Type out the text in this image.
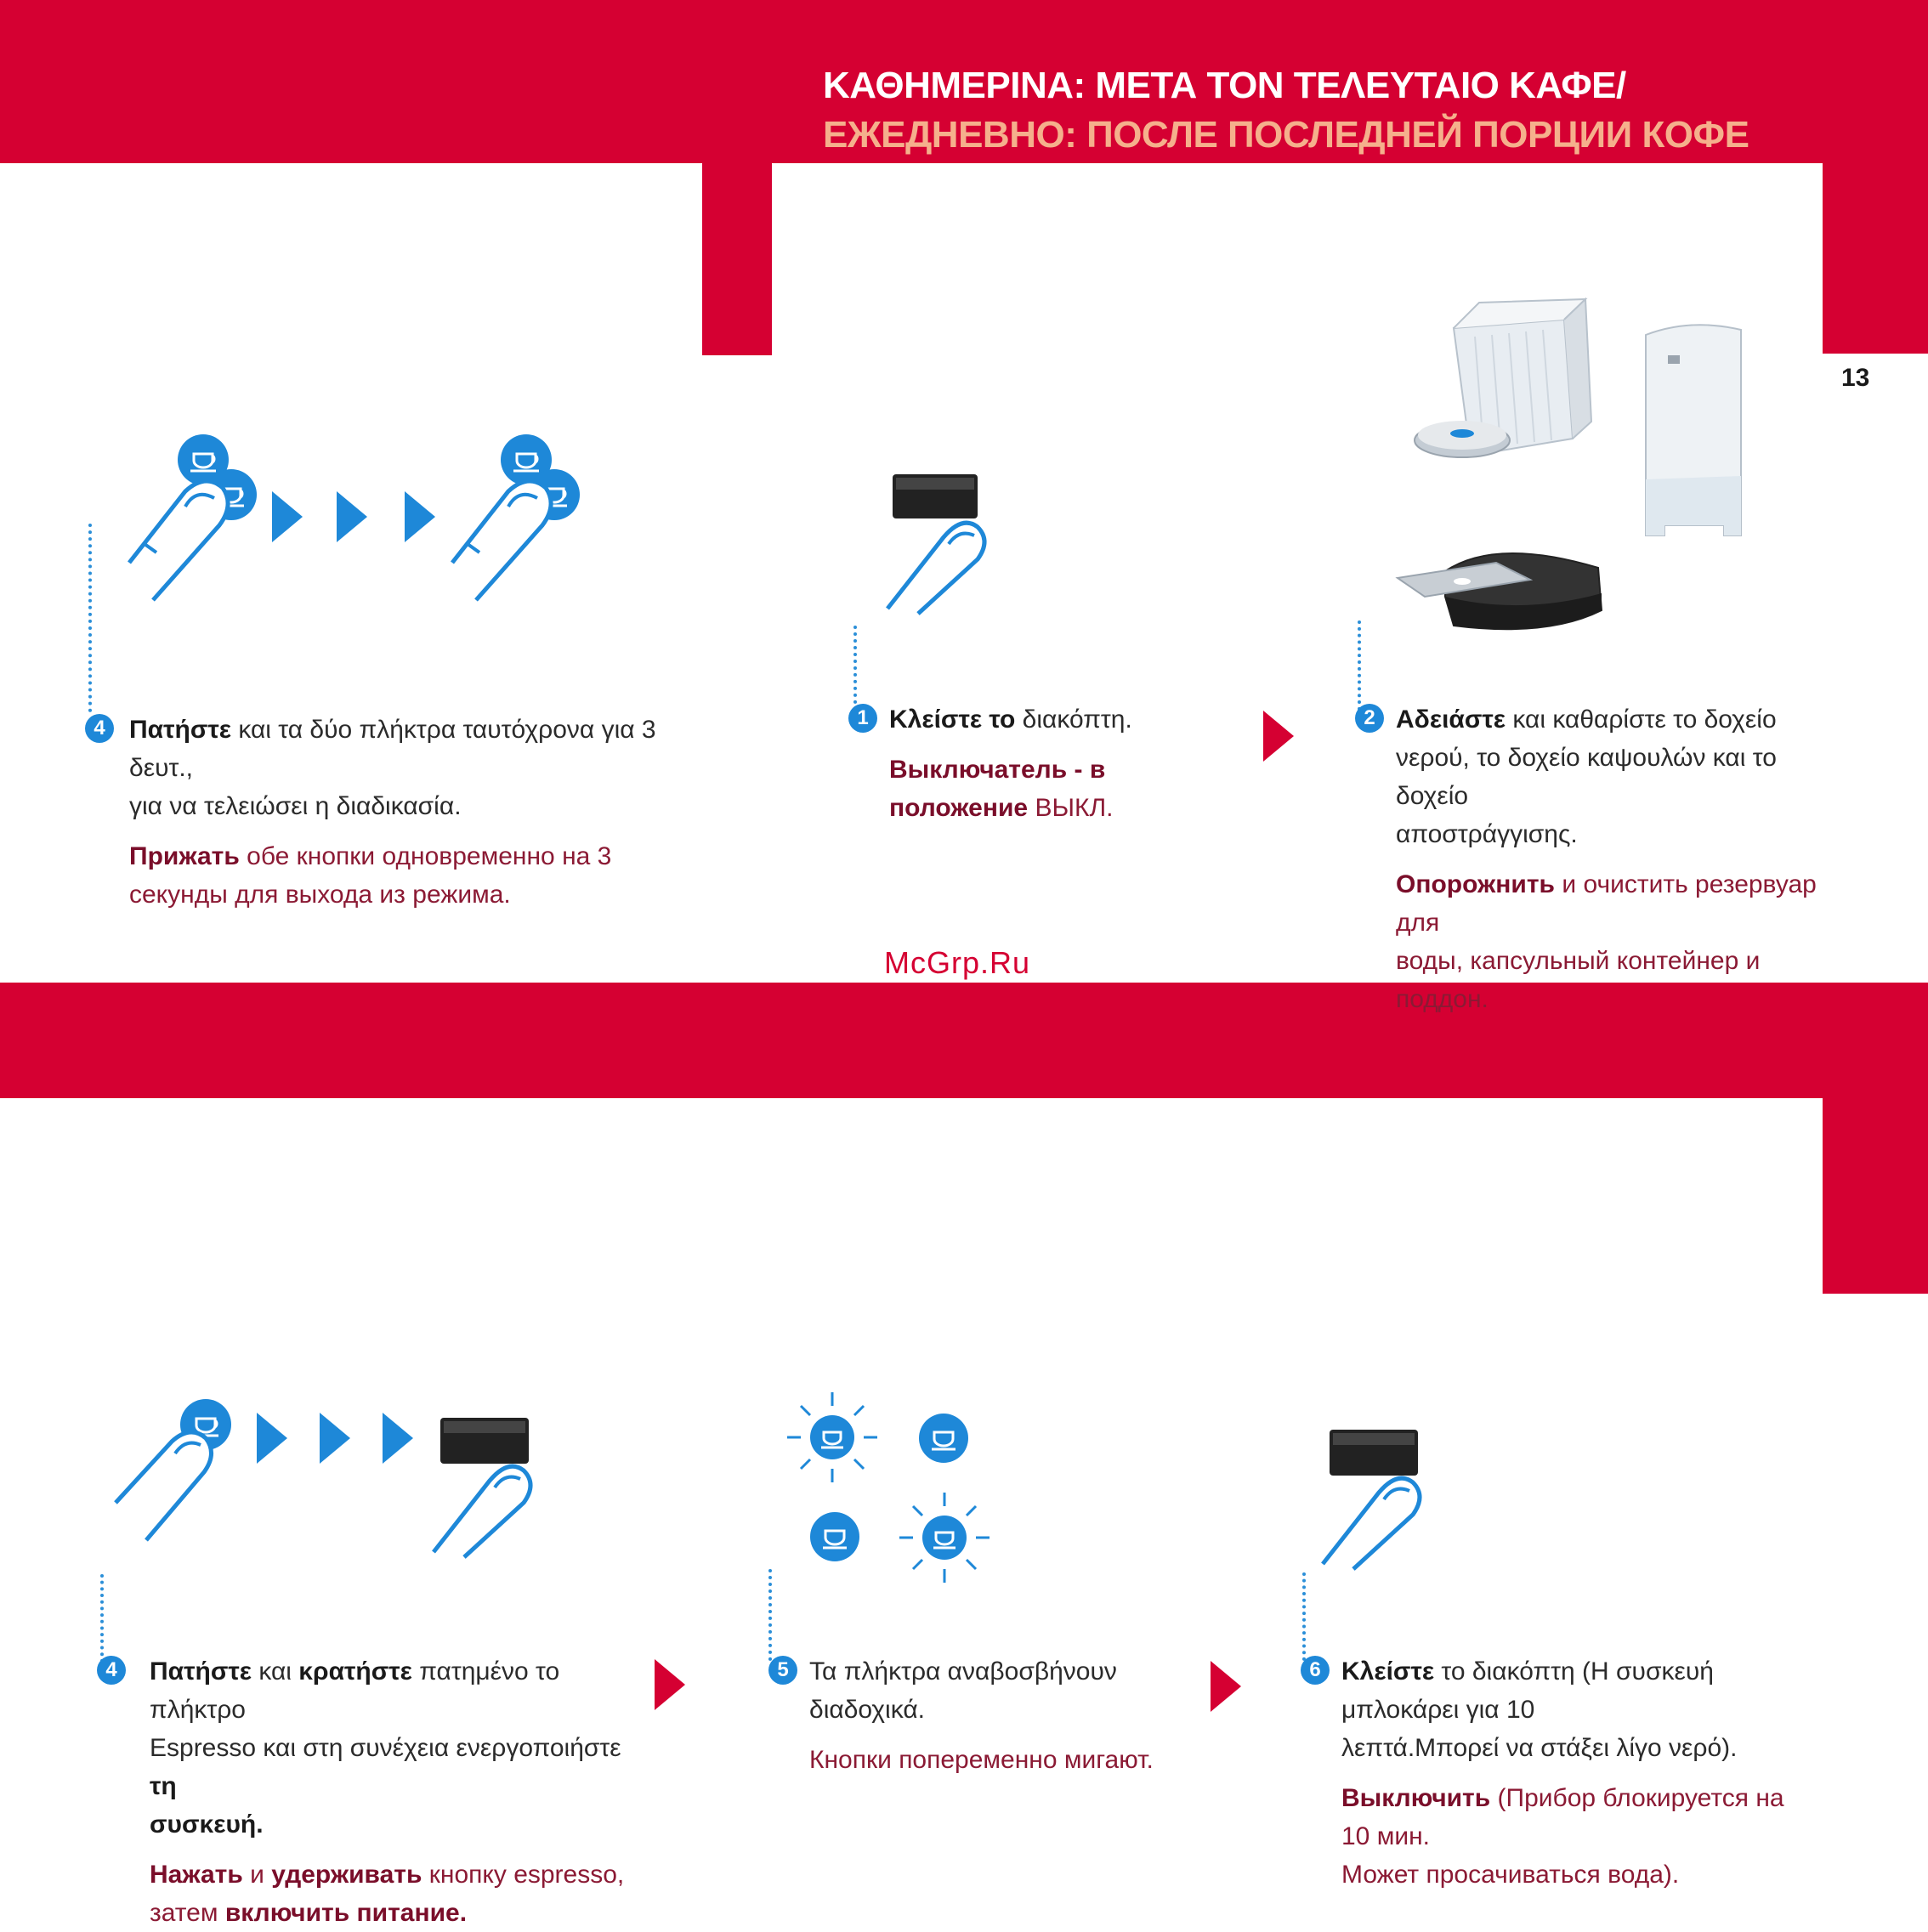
ΚΑΘΗΜΕΡΙΝΑ: ΜΕΤΑ ΤΟΝ ΤΕΛΕΥΤΑΙΟ ΚΑΦΕ/
ЕЖЕДНЕВНО: ПОСЛЕ ПОСЛЕДНЕЙ ПОРЦИИ КОФЕ
13
4 Πατήστε και τα δύο πλήκτρα ταυτόχρονα για 3 δευτ.,
για να τελειώσει η διαδικασία.
Прижать обе кнопки одновременно на 3
секунды для выхода из режима.
1 Κλείστε το διακόπτη.
Выключатель - в
положение ВЫКЛ.
2 Αδειάστε και καθαρίστε το δοχείο
νερού, το δοχείο καψουλών και το δοχείο
αποστράγγισης.
Опорожнить и очистить резервуар для
воды, капсульный контейнер и поддон.
McGrp.Ru
4	Πατήστε και κρατήστε πατημένο το πλήκτρο
Espresso και στη συνέχεια ενεργοποιήστε τη
συσκευή.
Нажать и удерживать кнопку espresso,
затем включить питание.
5 Τα πλήκτρα αναβοσβήνουν διαδοχικά.
Кнопки попеременно мигают.
6 Κλείστε το διακόπτη (Η συσκευή μπλοκάρει για 10
λεπτά.Μπορεί να στάξει λίγο νερό).
Выключить (Прибор блокируется на 10 мин.
Может просачиваться вода).
